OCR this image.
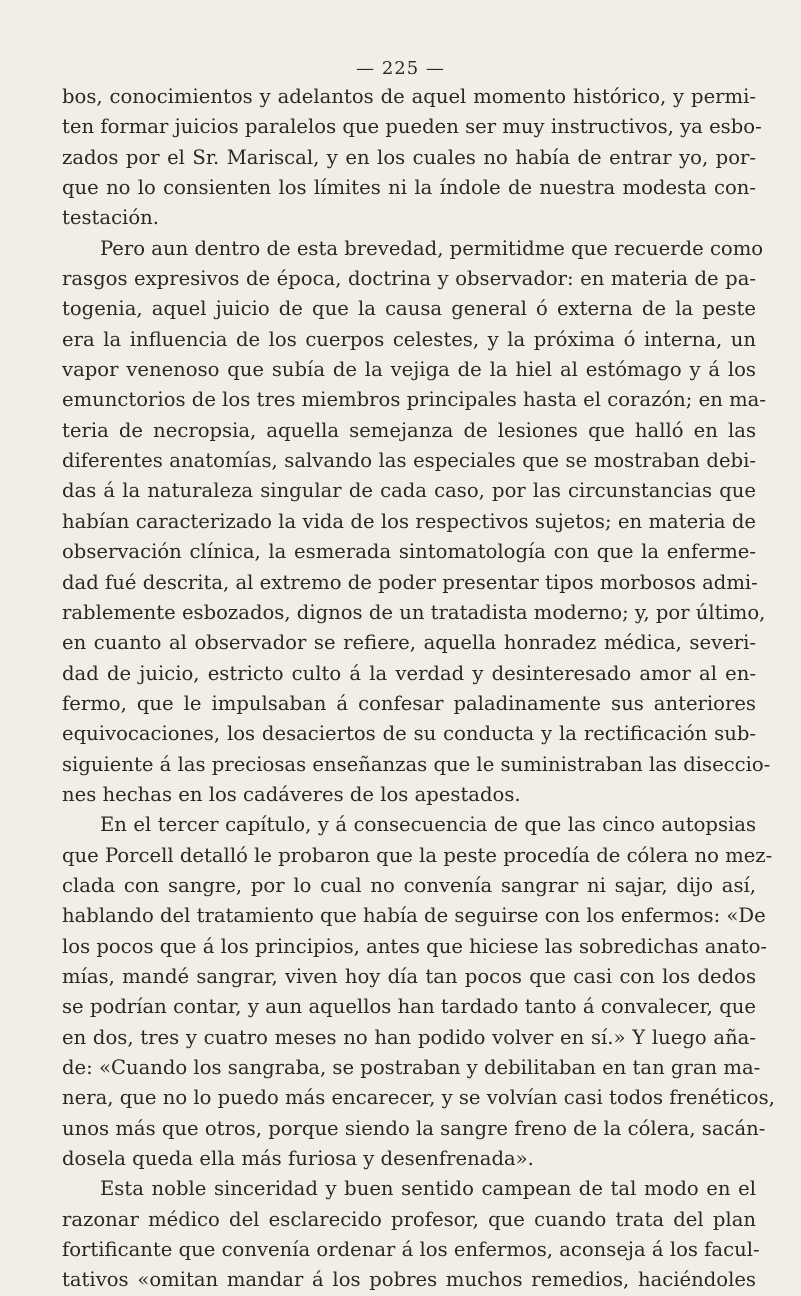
— 225 —
bos, conocimientos y adelantos de aquel momento histórico, y permi-
ten formar juicios paralelos que pueden ser muy instructivos, ya esbo-
zados por el Sr. Mariscal, y en los cuales no había de entrar yo, por-
que no lo consienten los límites ni la índole de nuestra modesta con-
testación.
Pero aun dentro de esta brevedad, permitidme que recuerde como
rasgos expresivos de época, doctrina y observador: en materia de pa-
togenia, aquel juicio de que la causa general ó externa de la peste
era la influencia de los cuerpos celestes, y la próxima ó interna, un
vapor venenoso que subía de la vejiga de la hiel al estómago y á los
emunctorios de los tres miembros principales hasta el corazón; en ma-
teria de necropsia, aquella semejanza de lesiones que halló en las
diferentes anatomías, salvando las especiales que se mostraban debi-
das á la naturaleza singular de cada caso, por las circunstancias que
habían caracterizado la vida de los respectivos sujetos; en materia de
observación clínica, la esmerada sintomatología con que la enferme-
dad fué descrita, al extremo de poder presentar tipos morbosos admi-
rablemente esbozados, dignos de un tratadista moderno; y, por último,
en cuanto al observador se refiere, aquella honradez médica, severi-
dad de juicio, estricto culto á la verdad y desinteresado amor al en-
fermo, que le impulsaban á confesar paladinamente sus anteriores
equivocaciones, los desaciertos de su conducta y la rectificación sub-
siguiente á las preciosas enseñanzas que le suministraban las diseccio-
nes hechas en los cadáveres de los apestados.
En el tercer capítulo, y á consecuencia de que las cinco autopsias
que Porcell detalló le probaron que la peste procedía de cólera no mez-
clada con sangre, por lo cual no convenía sangrar ni sajar, dijo así,
hablando del tratamiento que había de seguirse con los enfermos: «De
los pocos que á los principios, antes que hiciese las sobredichas anato-
mías, mandé sangrar, viven hoy día tan pocos que casi con los dedos
se podrían contar, y aun aquellos han tardado tanto á convalecer, que
en dos, tres y cuatro meses no han podido volver en sí.» Y luego aña-
de: «Cuando los sangraba, se postraban y debilitaban en tan gran ma-
nera, que no lo puedo más encarecer, y se volvían casi todos frenéticos,
unos más que otros, porque siendo la sangre freno de la cólera, sacán-
dosela queda ella más furiosa y desenfrenada».
Esta noble sinceridad y buen sentido campean de tal modo en el
razonar médico del esclarecido profesor, que cuando trata del plan
fortificante que convenía ordenar á los enfermos, aconseja á los facul-
tativos «omitan mandar á los pobres muchos remedios, haciéndoles
